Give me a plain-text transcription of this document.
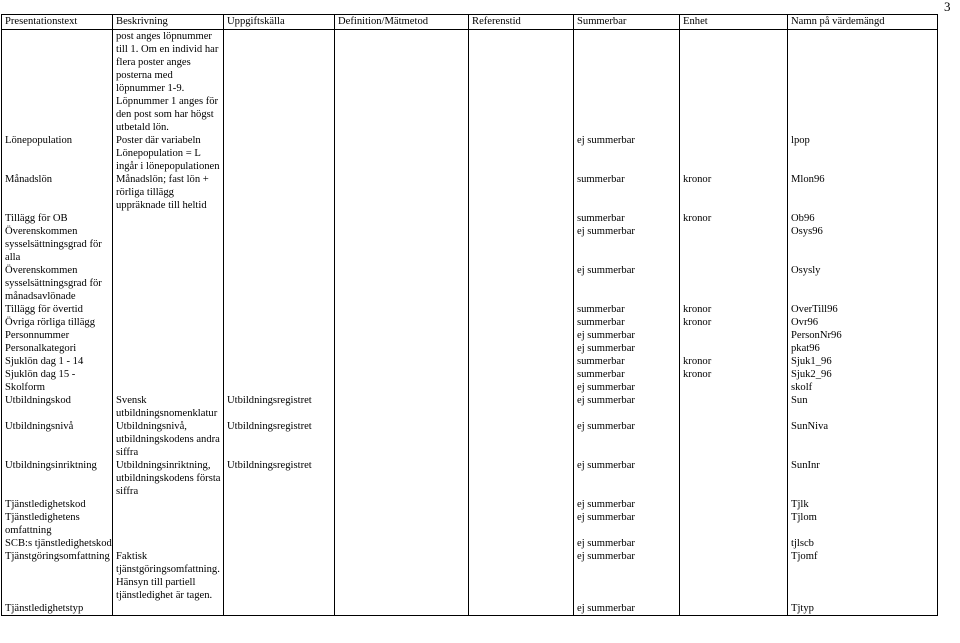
3
Presentationstext	Beskrivning	Uppgiftskälla	Definition/Mätmetod	Referenstid	Summerbar	Enhet	Namn på värdemängd
	post anges löpnummer till 1. Om en individ har flera poster anges posterna med löpnummer 1-9. Löpnummer 1 anges för den post som har högst utbetald lön.						
Lönepopulation	Poster där variabeln Lönepopulation = L ingår i lönepopulationen				ej summerbar		lpop
Månadslön	Månadslön; fast lön + rörliga tillägg uppräknade till heltid				summerbar	kronor	Mlon96
Tillägg för OB					summerbar	kronor	Ob96
Överenskommen sysselsättningsgrad för alla					ej summerbar		Osys96
Överenskommen sysselsättningsgrad för månadsavlönade					ej summerbar		Osysly
Tillägg för övertid					summerbar	kronor	OverTill96
Övriga rörliga tillägg					summerbar	kronor	Ovr96
Personnummer					ej summerbar		PersonNr96
Personalkategori					ej summerbar		pkat96
Sjuklön dag 1 - 14					summerbar	kronor	Sjuk1_96
Sjuklön dag 15 -					summerbar	kronor	Sjuk2_96
Skolform					ej summerbar		skolf
Utbildningskod	Svensk utbildningsnomenklatur	Utbildningsregistret			ej summerbar		Sun
Utbildningsnivå	Utbildningsnivå, utbildningskodens andra siffra	Utbildningsregistret			ej summerbar		SunNiva
Utbildningsinriktning	Utbildningsinriktning, utbildningskodens första siffra	Utbildningsregistret			ej summerbar		SunInr
Tjänstledighetskod					ej summerbar		Tjlk
Tjänstledighetens omfattning					ej summerbar		Tjlom
SCB:s tjänstledighetskod					ej summerbar		tjlscb
Tjänstgöringsomfattning	Faktisk tjänstgöringsomfattning. Hänsyn till partiell tjänstledighet är tagen.				ej summerbar		Tjomf
Tjänstledighetstyp					ej summerbar		Tjtyp
